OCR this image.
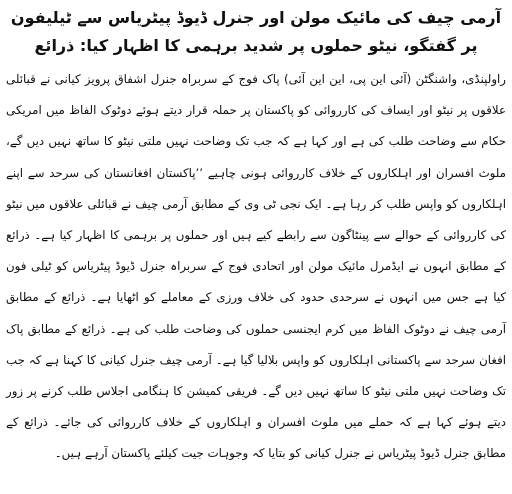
آرمی چیف کی مائیک مولن اور جنرل ڈیوڈ پیٹریاس سے ٹیلیفون پر گفتگو، نیٹو حملوں پر شدید برہمی کا اظہار کیا: ذرائع

راولپنڈی، واشنگٹن (آئی این پی، این این آئی) پاک فوج کے سربراہ جنرل اشفاق پرویز کیانی نے قبائلی علاقوں پر نیٹو اور ایساف کی کارروائی کو پاکستان پر حملہ قرار دیتے ہوئے دوٹوک الفاظ میں امریکی حکام سے وضاحت طلب کی ہے اور کہا ہے کہ جب تک وضاحت نہیں ملتی نیٹو کا ساتھ نہیں دیں گے، ملوث افسران اور اہلکاروں کے خلاف کارروائی ہونی چاہیے ’’پاکستان افغانستان کی سرحد سے اپنے اہلکاروں کو واپس طلب کر رہا ہے۔ ایک نجی ٹی وی کے مطابق آرمی چیف نے قبائلی علاقوں میں نیٹو کی کارروائی کے حوالے سے پینٹاگون سے رابطے کیے ہیں اور حملوں پر برہمی کا اظہار کیا ہے۔ ذرائع کے مطابق انہوں نے ایڈمرل مائیک مولن اور اتحادی فوج کے سربراہ جنرل ڈیوڈ پیٹریاس کو ٹیلی فون کیا ہے جس میں انہوں نے سرحدی حدود کی خلاف ورزی کے معاملے کو اٹھایا ہے۔ ذرائع کے مطابق آرمی چیف نے دوٹوک الفاظ میں کرم ایجنسی حملوں کی وضاحت طلب کی ہے۔ ذرائع کے مطابق پاک افغان سرحد سے پاکستانی اہلکاروں کو واپس بلالیا گیا ہے۔ آرمی چیف جنرل کیانی کا کہنا ہے کہ جب تک وضاحت نہیں ملتی نیٹو کا ساتھ نہیں دیں گے۔ فریقی کمیشن کا ہنگامی اجلاس طلب کرنے پر زور دیتے ہوئے کہا ہے کہ حملے میں ملوث افسران و اہلکاروں کے خلاف کارروائی کی جائے۔ ذرائع کے مطابق جنرل ڈیوڈ پیٹریاس نے جنرل کیانی کو بتایا کہ وجوہات جیت کیلئے پاکستان آرہے ہیں۔
